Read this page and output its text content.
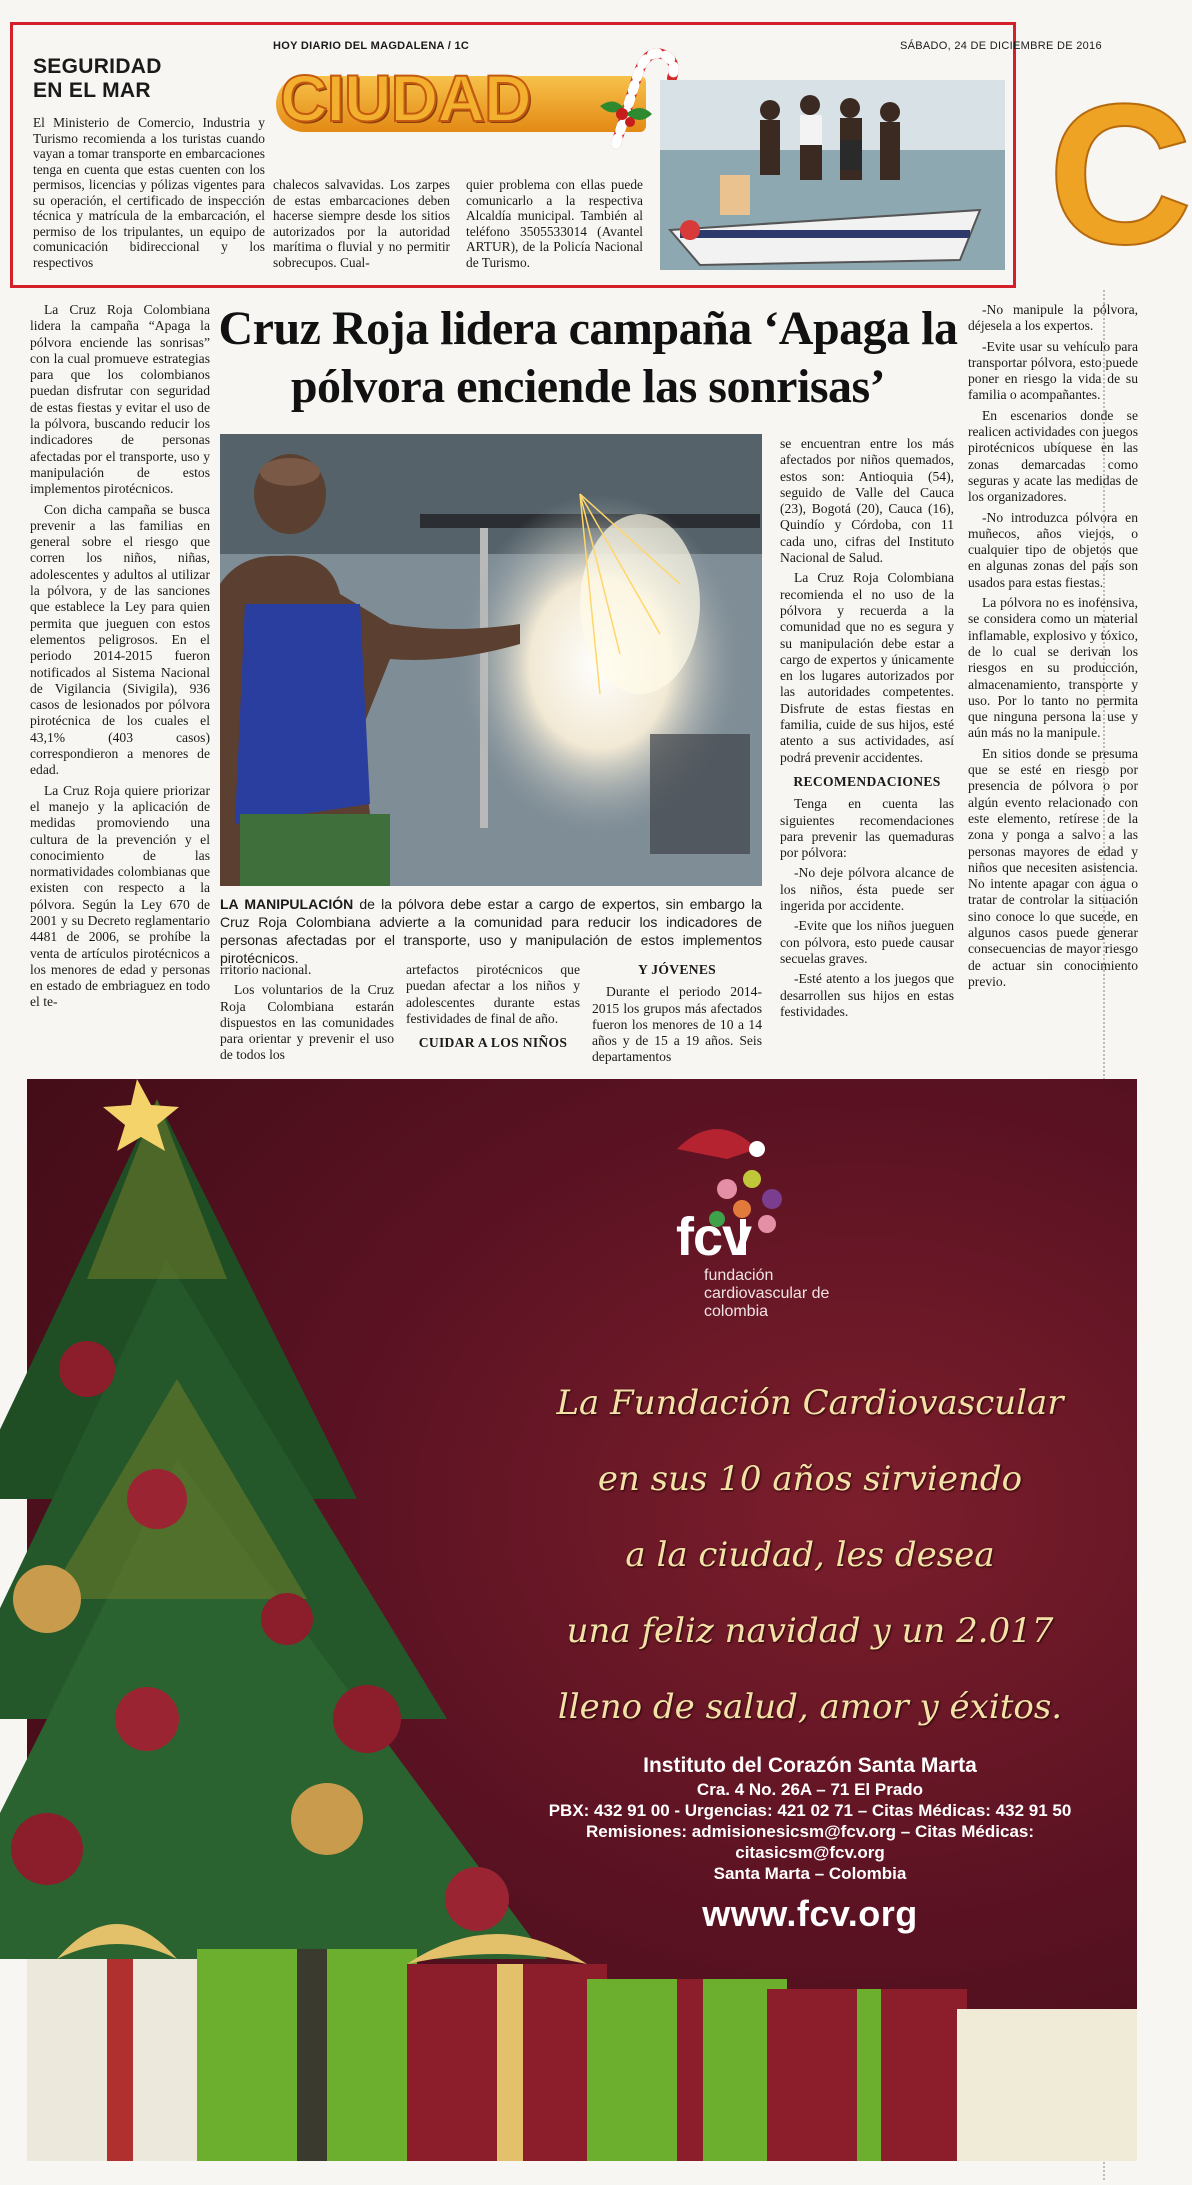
SEGURIDAD
EN EL MAR
El Ministerio de Comercio, Industria y Turismo recomienda a los turistas cuando vayan a tomar transporte en embarcaciones tenga en cuenta que estas cuenten con los permisos, licencias y pólizas vigentes para su operación, el certificado de inspección técnica y matrícula de la embarcación, el permiso de los tripulantes, un equipo de comunicación bidireccional y los respectivos
chalecos salvavidas. Los zarpes de estas embarcaciones deben hacerse siempre desde los sitios autorizados por la autoridad marítima o fluvial y no permitir sobrecupos. Cual-
quier problema con ellas puede comunicarlo a la respectiva Alcaldía municipal. También al teléfono 3505533014 (Avantel ARTUR), de la Policía Nacional de Turismo.
HOY DIARIO DEL MAGDALENA / 1C	SÁBADO, 24 DE DICIEMBRE DE 2016
CIUDAD	C
Cruz Roja lidera campaña ‘Apaga la pólvora enciende las sonrisas’

La Cruz Roja Colombiana lidera la campaña “Apaga la pólvora enciende las sonrisas” con la cual promueve estrategias para que los colombianos puedan disfrutar con seguridad de estas fiestas y evitar el uso de la pólvora, buscando reducir los indicadores de personas afectadas por el transporte, uso y manipulación de estos implementos pirotécnicos.

Con dicha campaña se busca prevenir a las familias en general sobre el riesgo que corren los niños, niñas, adolescentes y adultos al utilizar la pólvora, y de las sanciones que establece la Ley para quien permita que jueguen con estos elementos peligrosos. En el periodo 2014-2015 fueron notificados al Sistema Nacional de Vigilancia (Sivigila), 936 casos de lesionados por pólvora pirotécnica de los cuales el 43,1% (403 casos) correspondieron a menores de edad.

La Cruz Roja quiere priorizar el manejo y la aplicación de medidas promoviendo una cultura de la prevención y el conocimiento de las normatividades colombianas que existen con respecto a la pólvora. Según la Ley 670 de 2001 y su Decreto reglamentario 4481 de 2006, se prohíbe la venta de artículos pirotécnicos a los menores de edad y personas en estado de embriaguez en todo el te-

LA MANIPULACIÓN de la pólvora debe estar a cargo de expertos, sin embargo la Cruz Roja Colombiana advierte a la comunidad para reducir los indicadores de personas afectadas por el transporte, uso y manipulación de estos implementos pirotécnicos.

rritorio nacional.

Los voluntarios de la Cruz Roja Colombiana estarán dispuestos en las comunidades para orientar y prevenir el uso de todos los

artefactos pirotécnicos que puedan afectar a los niños y adolescentes durante estas festividades de final de año.

CUIDAR A LOS NIÑOS

Y JÓVENES

Durante el periodo 2014-2015 los grupos más afectados fueron los menores de 10 a 14 años y de 15 a 19 años. Seis departamentos

se encuentran entre los más afectados por niños quemados, estos son: Antioquia (54), seguido de Valle del Cauca (23), Bogotá (20), Cauca (16), Quindío y Córdoba, con 11 cada uno, cifras del Instituto Nacional de Salud.

La Cruz Roja Colombiana recomienda el no uso de la pólvora y recuerda a la comunidad que no es segura y su manipulación debe estar a cargo de expertos y únicamente en los lugares autorizados por las autoridades competentes. Disfrute de estas fiestas en familia, cuide de sus hijos, esté atento a sus actividades, así podrá prevenir accidentes.

RECOMENDACIONES

Tenga en cuenta las siguientes recomendaciones para prevenir las quemaduras por pólvora:

-No deje pólvora alcance de los niños, ésta puede ser ingerida por accidente.

-Evite que los niños jueguen con pólvora, esto puede causar secuelas graves.

-Esté atento a los juegos que desarrollen sus hijos en estas festividades.

-No manipule la pólvora, déjesela a los expertos.

-Evite usar su vehículo para transportar pólvora, esto puede poner en riesgo la vida de su familia o acompañantes.

En escenarios donde se realicen actividades con juegos pirotécnicos ubíquese en las zonas demarcadas como seguras y acate las medidas de los organizadores.

-No introduzca pólvora en muñecos, años viejos, o cualquier tipo de objetos que en algunas zonas del país son usados para estas fiestas.

La pólvora no es inofensiva, se considera como un material inflamable, explosivo y tóxico, de lo cual se derivan los riesgos en su producción, almacenamiento, transporte y uso. Por lo tanto no permita que ninguna persona la use y aún más no la manipule.

En sitios donde se presuma que se esté en riesgo por presencia de pólvora o por algún evento relacionado con este elemento, retírese de la zona y ponga a salvo a las personas mayores de edad y niños que necesiten asistencia. No intente apagar con agua o tratar de controlar la situación sino conoce lo que sucede, en algunos casos puede generar consecuencias de mayor riesgo de actuar sin conocimiento previo.

fcv
fundación
cardiovascular de
colombia
La Fundación Cardiovascular
en sus 10 años sirviendo
a la ciudad, les desea
una feliz navidad y un 2.017
lleno de salud, amor y éxitos.
Instituto del Corazón Santa Marta
Cra. 4 No. 26A – 71 El Prado
PBX: 432 91 00 - Urgencias: 421 02 71 – Citas Médicas: 432 91 50
Remisiones: admisionesicsm@fcv.org – Citas Médicas:
citasicsm@fcv.org
Santa Marta – Colombia
www.fcv.org
